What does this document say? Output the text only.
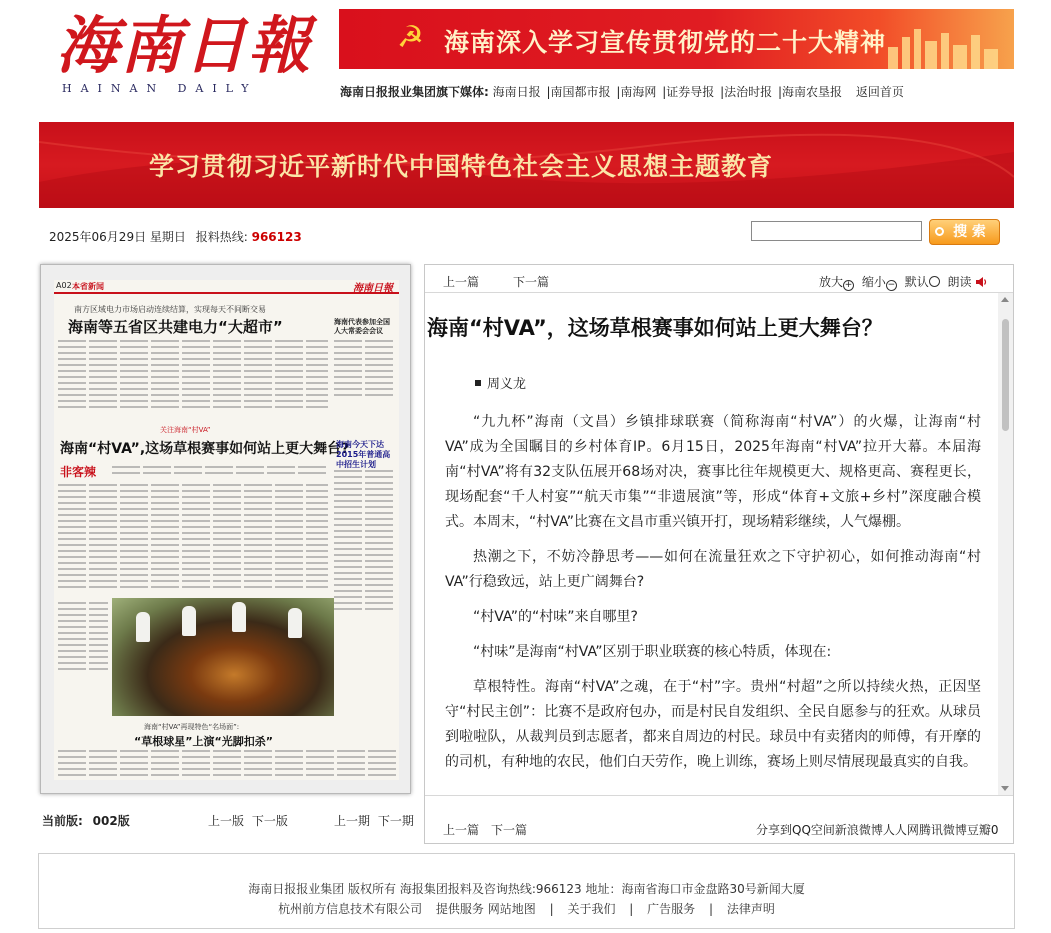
海南日報
HAINAN DAILY
☭ 海南深入学习宣传贯彻党的二十大精神
海南日报报业集团旗下媒体: 海南日报 |南国都市报 |南海网 |证券导报 |法治时报 |海南农垦报 返回首页
学习贯彻习近平新时代中国特色社会主义思想主题教育
2025年06月29日 星期日 报料热线: 966123	搜 索
A02 本省新闻	海南日報
南方区域电力市场启动连续结算，实现每天不间断交易
海南等五省区共建电力“大超市”	海南代表参加全国人大常委会会议
关注海南“村VA”
海南“村VA”,这场草根赛事如何站上更大舞台?
海南今天下达2015年普通高中招生计划
非客辣
海南“村VA”再现特色“名场面”:
“草根球星”上演“光脚扣杀”
当前版: 002版	上一版 下一版	上一期 下一期
上一篇	下一篇	放大 + 缩小 − 默认 朗读
海南“村VA”，这场草根赛事如何站上更大舞台？
周义龙

“九九杯”海南（文昌）乡镇排球联赛（简称海南“村VA”）的火爆，让海南“村VA”成为全国瞩目的乡村体育IP。6月15日，2025年海南“村VA”拉开大幕。本届海南“村VA”将有32支队伍展开68场对决，赛事比往年规模更大、规格更高、赛程更长，现场配套“千人村宴”“航天市集”“非遗展演”等，形成“体育+文旅+乡村”深度融合模式。本周末，“村VA”比赛在文昌市重兴镇开打，现场精彩继续，人气爆棚。

热潮之下，不妨冷静思考——如何在流量狂欢之下守护初心，如何推动海南“村VA”行稳致远，站上更广阔舞台?

“村VA”的“村味”来自哪里?

“村味”是海南“村VA”区别于职业联赛的核心特质，体现在:

草根特性。海南“村VA”之魂，在于“村”字。贵州“村超”之所以持续火热，正因坚守“村民主创”：比赛不是政府包办，而是村民自发组织、全民自愿参与的狂欢。从球员到啦啦队，从裁判员到志愿者，都来自周边的村民。球员中有卖猪肉的师傅，有开摩的的司机，有种地的农民，他们白天劳作，晚上训练，赛场上则尽情展现最真实的自我。

上一篇 下一篇	分享到QQ空间新浪微博人人网腾讯微博豆瓣0
海南日报报业集团 版权所有 海报集团报料及咨询热线:966123 地址：海南省海口市金盘路30号新闻大厦
杭州前方信息技术有限公司 提供服务 网站地图 | 关于我们 | 广告服务 | 法律声明
